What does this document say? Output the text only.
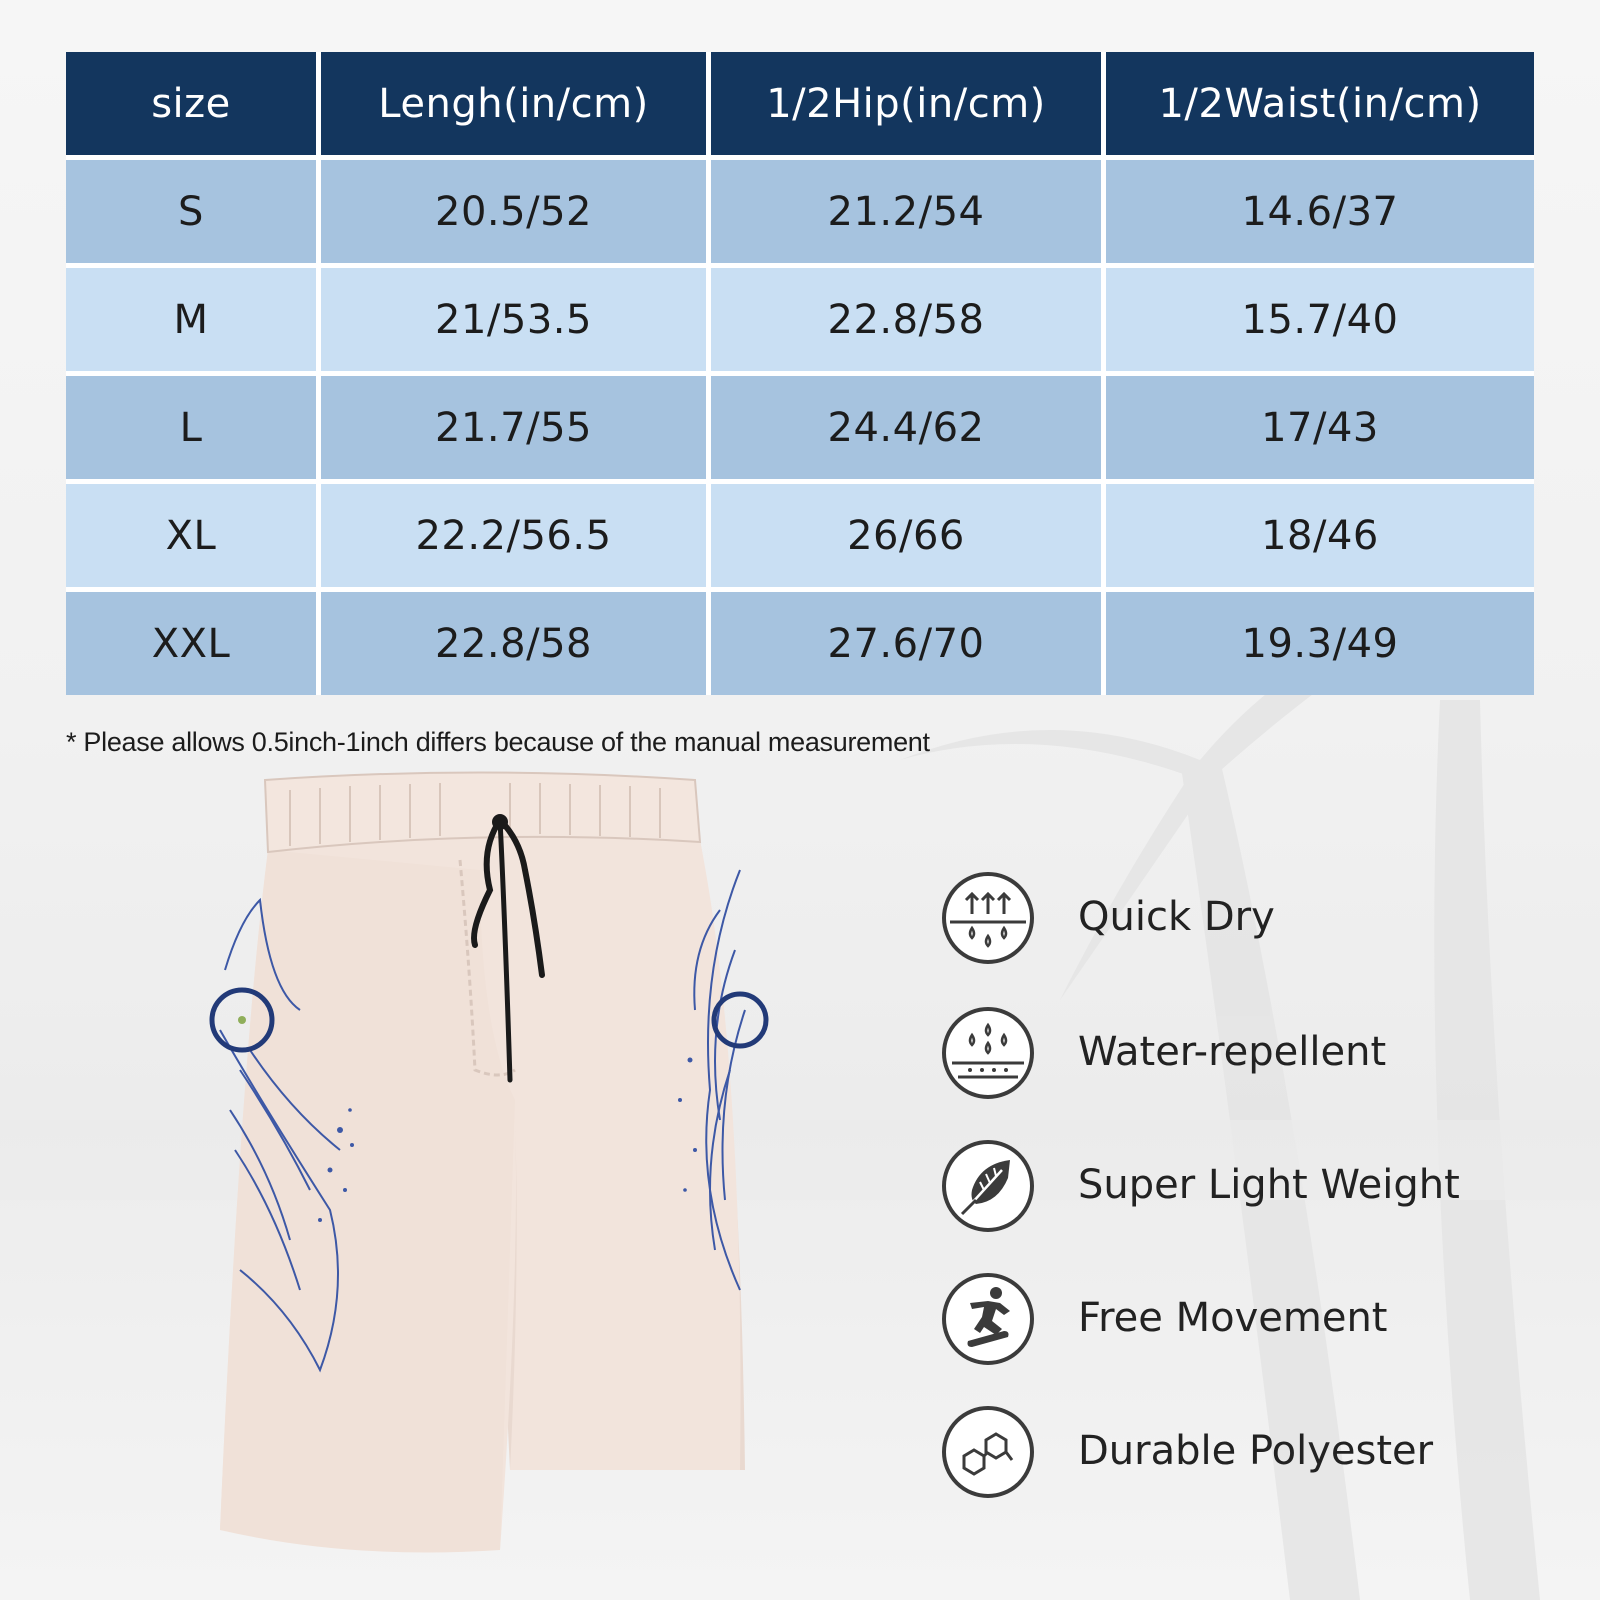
size	Lengh(in/cm)	1/2Hip(in/cm)	1/2Waist(in/cm)
S	20.5/52	21.2/54	14.6/37
M	21/53.5	22.8/58	15.7/40
L	21.7/55	24.4/62	17/43
XL	22.2/56.5	26/66	18/46
XXL	22.8/58	27.6/70	19.3/49
* Please allows 0.5inch-1inch differs because of the manual measurement
Quick Dry
Water-repellent
Super Light Weight
Free Movement
Durable Polyester
